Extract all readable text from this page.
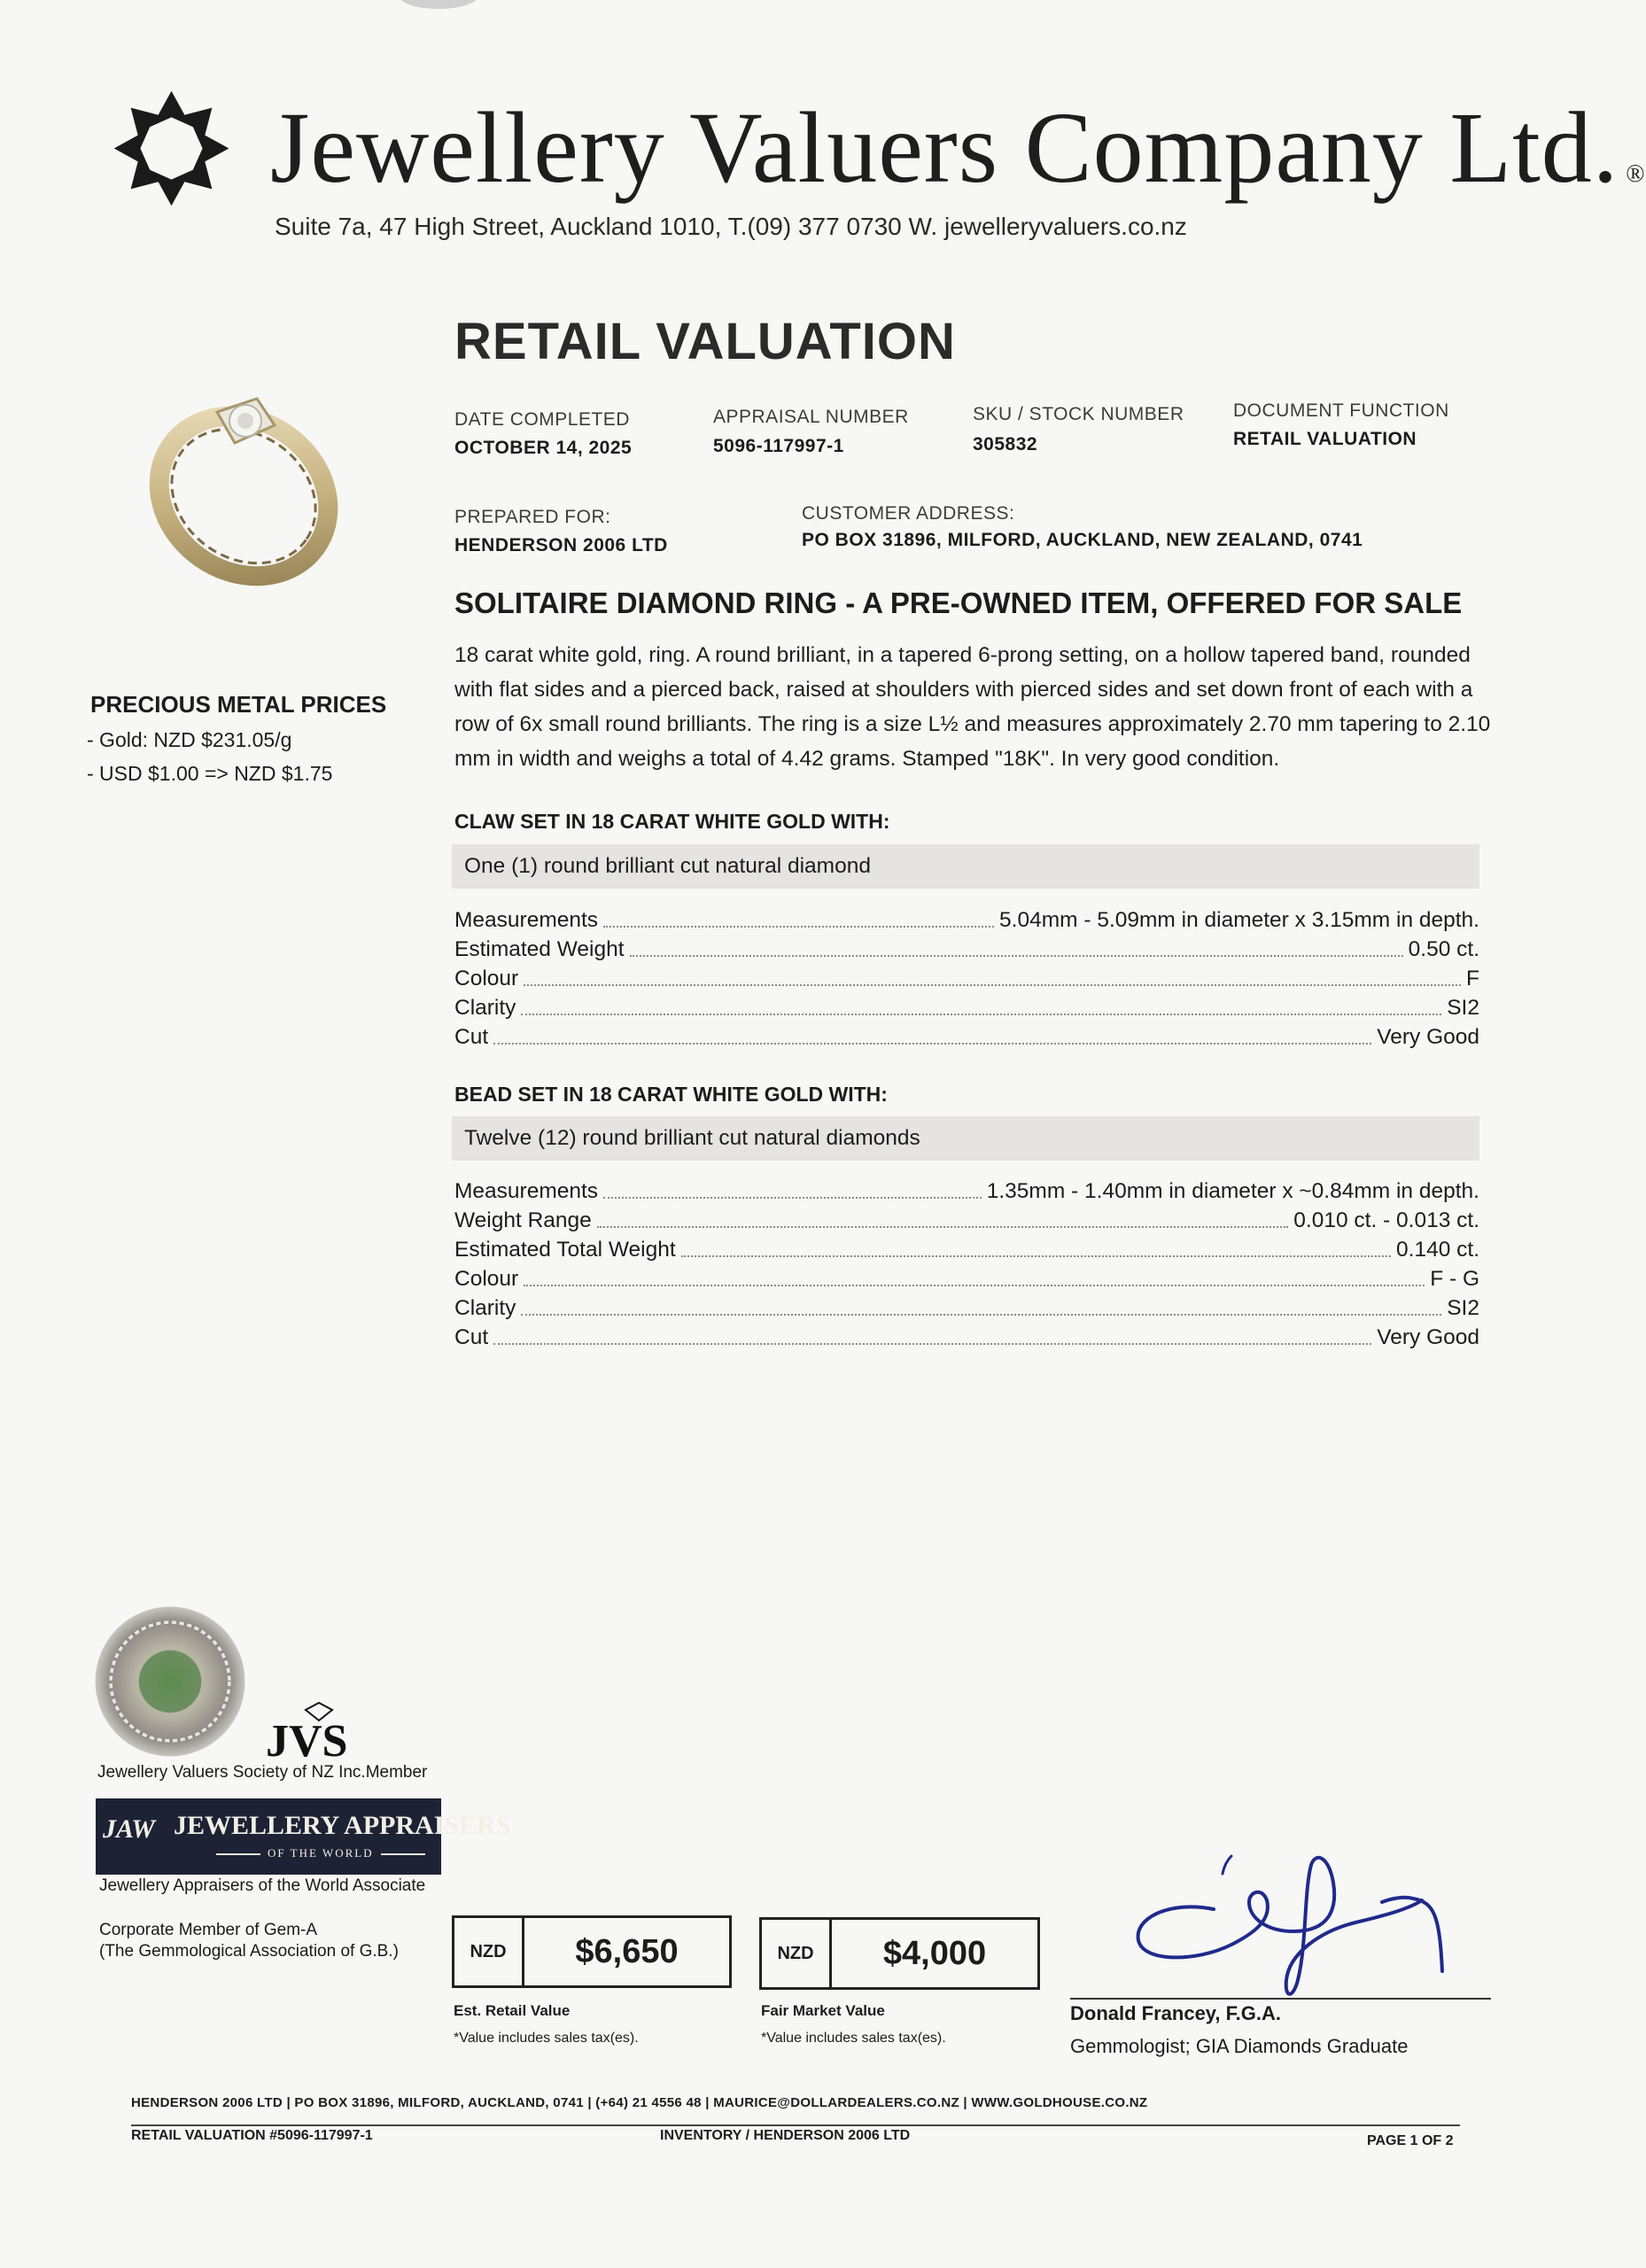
Jewellery Valuers Company Ltd. ®
Suite 7a, 47 High Street, Auckland 1010, T.(09) 377 0730 W. jewelleryvaluers.co.nz
RETAIL VALUATION
DATE COMPLETED
OCTOBER 14, 2025
APPRAISAL NUMBER
5096-117997-1
SKU / STOCK NUMBER
305832
DOCUMENT FUNCTION
RETAIL VALUATION
PREPARED FOR:
HENDERSON 2006 LTD
CUSTOMER ADDRESS:
PO BOX 31896, MILFORD, AUCKLAND, NEW ZEALAND, 0741
PRECIOUS METAL PRICES
- Gold: NZD $231.05/g
- USD $1.00 => NZD $1.75
SOLITAIRE DIAMOND RING - A PRE-OWNED ITEM, OFFERED FOR SALE
18 carat white gold, ring. A round brilliant, in a tapered 6-prong setting, on a hollow tapered band, rounded with flat sides and a pierced back, raised at shoulders with pierced sides and set down front of each with a row of 6x small round brilliants. The ring is a size L½ and measures approximately 2.70 mm tapering to 2.10 mm in width and weighs a total of 4.42 grams. Stamped "18K". In very good condition.
CLAW SET IN 18 CARAT WHITE GOLD WITH:
One (1) round brilliant cut natural diamond
Measurements	5.04mm - 5.09mm in diameter x 3.15mm in depth.
Estimated Weight	0.50 ct.
Colour	F
Clarity	SI2
Cut	Very Good
BEAD SET IN 18 CARAT WHITE GOLD WITH:
Twelve (12) round brilliant cut natural diamonds
Measurements	1.35mm - 1.40mm in diameter x ~0.84mm in depth.
Weight Range	0.010 ct. - 0.013 ct.
Estimated Total Weight	0.140 ct.
Colour	F - G
Clarity	SI2
Cut	Very Good
JVS
Jewellery Valuers Society of NZ Inc.Member
JAW JEWELLERY APPRAISERS
OF THE WORLD
Jewellery Appraisers of the World Associate
Corporate Member of Gem-A
(The Gemmological Association of G.B.)	NZD	$6,650
Est. Retail Value
*Value includes sales tax(es).
NZD	$4,000
Fair Market Value
*Value includes sales tax(es).
Donald Francey, F.G.A.
Gemmologist; GIA Diamonds Graduate
HENDERSON 2006 LTD | PO BOX 31896, MILFORD, AUCKLAND, 0741 | (+64) 21 4556 48 | MAURICE@DOLLARDEALERS.CO.NZ | WWW.GOLDHOUSE.CO.NZ
RETAIL VALUATION #5096-117997-1	INVENTORY / HENDERSON 2006 LTD	PAGE 1 OF 2
